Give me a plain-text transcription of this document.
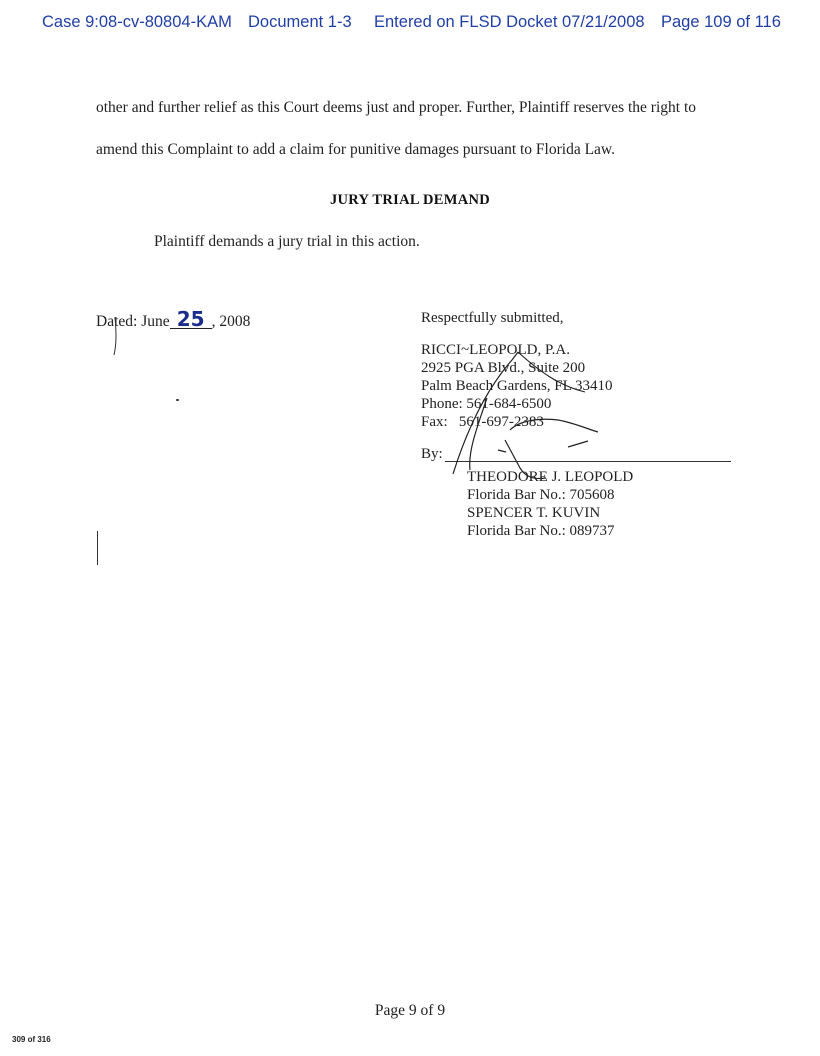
Case 9:08-cv-80804-KAM Document 1-3 Entered on FLSD Docket 07/21/2008 Page 109 of 116
other and further relief as this Court deems just and proper. Further, Plaintiff reserves the right to
amend this Complaint to add a claim for punitive damages pursuant to Florida Law.
JURY TRIAL DEMAND
Plaintiff demands a jury trial in this action.
Dated: June 25 , 2008	Respectfully submitted,
RICCI~LEOPOLD, P.A.
2925 PGA Blvd., Suite 200
Palm Beach Gardens, FL 33410
Phone: 561-684-6500
Fax:   561-697-2383
By:
THEODORE J. LEOPOLD
Florida Bar No.: 705608
SPENCER T. KUVIN
Florida Bar No.: 089737
Page 9 of 9
309 of 316
